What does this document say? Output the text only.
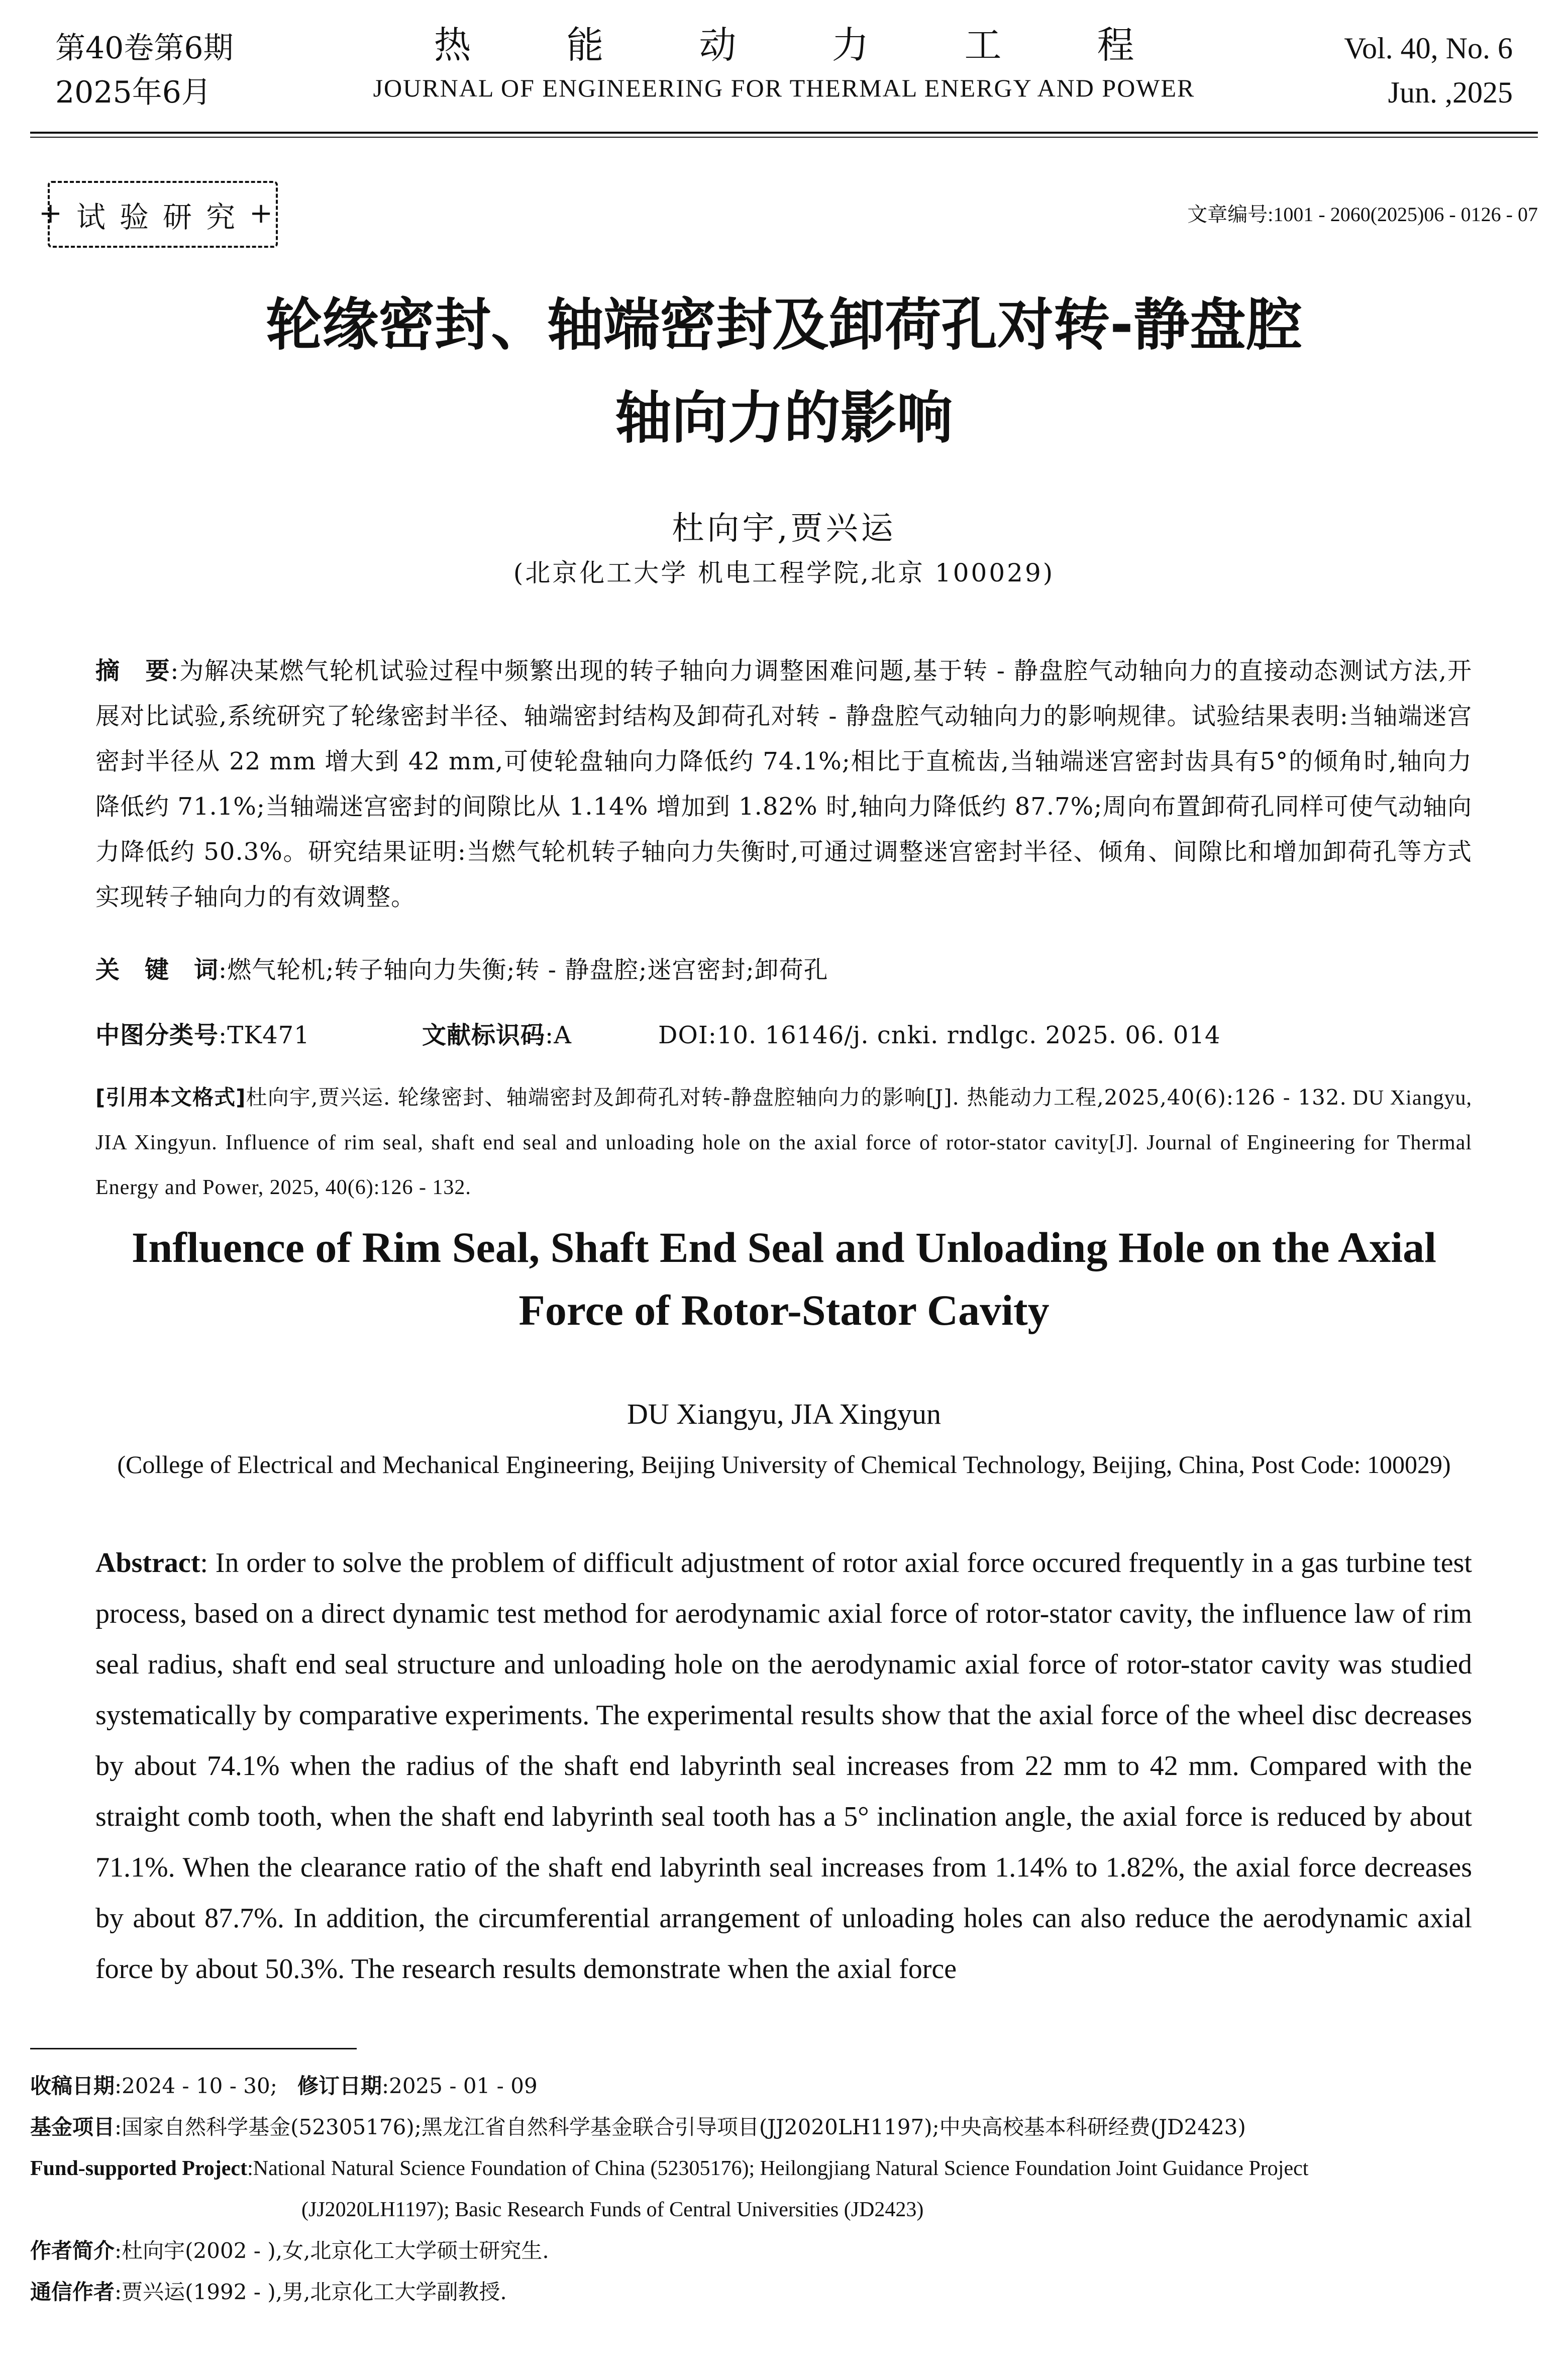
第40卷第6期
2025年6月
热能动力工程
JOURNAL OF ENGINEERING FOR THERMAL ENERGY AND POWER
Vol. 40, No. 6
Jun. ,2025
+ 试验研究
+	文章编号:1001 - 2060(2025)06 - 0126 - 07
轮缘密封、轴端密封及卸荷孔对转-静盘腔
轴向力的影响
杜向宇,贾兴运
(北京化工大学 机电工程学院,北京 100029)
摘　要:为解决某燃气轮机试验过程中频繁出现的转子轴向力调整困难问题,基于转 - 静盘腔气动轴向力的直接动态测试方法,开展对比试验,系统研究了轮缘密封半径、轴端密封结构及卸荷孔对转 - 静盘腔气动轴向力的影响规律。试验结果表明:当轴端迷宫密封半径从 22 mm 增大到 42 mm,可使轮盘轴向力降低约 74.1%;相比于直梳齿,当轴端迷宫密封齿具有5°的倾角时,轴向力降低约 71.1%;当轴端迷宫密封的间隙比从 1.14% 增加到 1.82% 时,轴向力降低约 87.7%;周向布置卸荷孔同样可使气动轴向力降低约 50.3%。研究结果证明:当燃气轮机转子轴向力失衡时,可通过调整迷宫密封半径、倾角、间隙比和增加卸荷孔等方式实现转子轴向力的有效调整。
关　键　词:燃气轮机;转子轴向力失衡;转 - 静盘腔;迷宫密封;卸荷孔
中图分类号:TK471	文献标识码:A	DOI:10. 16146/j. cnki. rndlgc. 2025. 06. 014
[引用本文格式]杜向宇,贾兴运. 轮缘密封、轴端密封及卸荷孔对转-静盘腔轴向力的影响[J]. 热能动力工程,2025,40(6):126 - 132. DU Xiangyu, JIA Xingyun. Influence of rim seal, shaft end seal and unloading hole on the axial force of rotor-stator cavity[J]. Journal of Engineering for Thermal Energy and Power, 2025, 40(6):126 - 132.
Influence of Rim Seal, Shaft End Seal and Unloading Hole on the Axial
Force of Rotor-Stator Cavity
DU Xiangyu, JIA Xingyun
(College of Electrical and Mechanical Engineering, Beijing University of Chemical Technology, Beijing, China, Post Code: 100029)
Abstract: In order to solve the problem of difficult adjustment of rotor axial force occured frequently in a gas turbine test process, based on a direct dynamic test method for aerodynamic axial force of rotor-stator cavity, the influence law of rim seal radius, shaft end seal structure and unloading hole on the aerodynamic axial force of rotor-stator cavity was studied systematically by comparative experiments. The experimental results show that the axial force of the wheel disc decreases by about 74.1% when the radius of the shaft end labyrinth seal increases from 22 mm to 42 mm. Compared with the straight comb tooth, when the shaft end labyrinth seal tooth has a 5° inclination angle, the axial force is reduced by about 71.1%. When the clearance ratio of the shaft end labyrinth seal increases from 1.14% to 1.82%, the axial force decreases by about 87.7%. In addition, the circumferential arrangement of unloading holes can also reduce the aerodynamic axial force by about 50.3%. The research results demonstrate when the axial force
收稿日期:2024 - 10 - 30; 修订日期:2025 - 01 - 09
基金项目:国家自然科学基金(52305176);黑龙江省自然科学基金联合引导项目(JJ2020LH1197);中央高校基本科研经费(JD2423)
Fund-supported Project:National Natural Science Foundation of China (52305176); Heilongjiang Natural Science Foundation Joint Guidance Project
(JJ2020LH1197); Basic Research Funds of Central Universities (JD2423)
作者简介:杜向宇(2002 - ),女,北京化工大学硕士研究生.
通信作者:贾兴运(1992 - ),男,北京化工大学副教授.
